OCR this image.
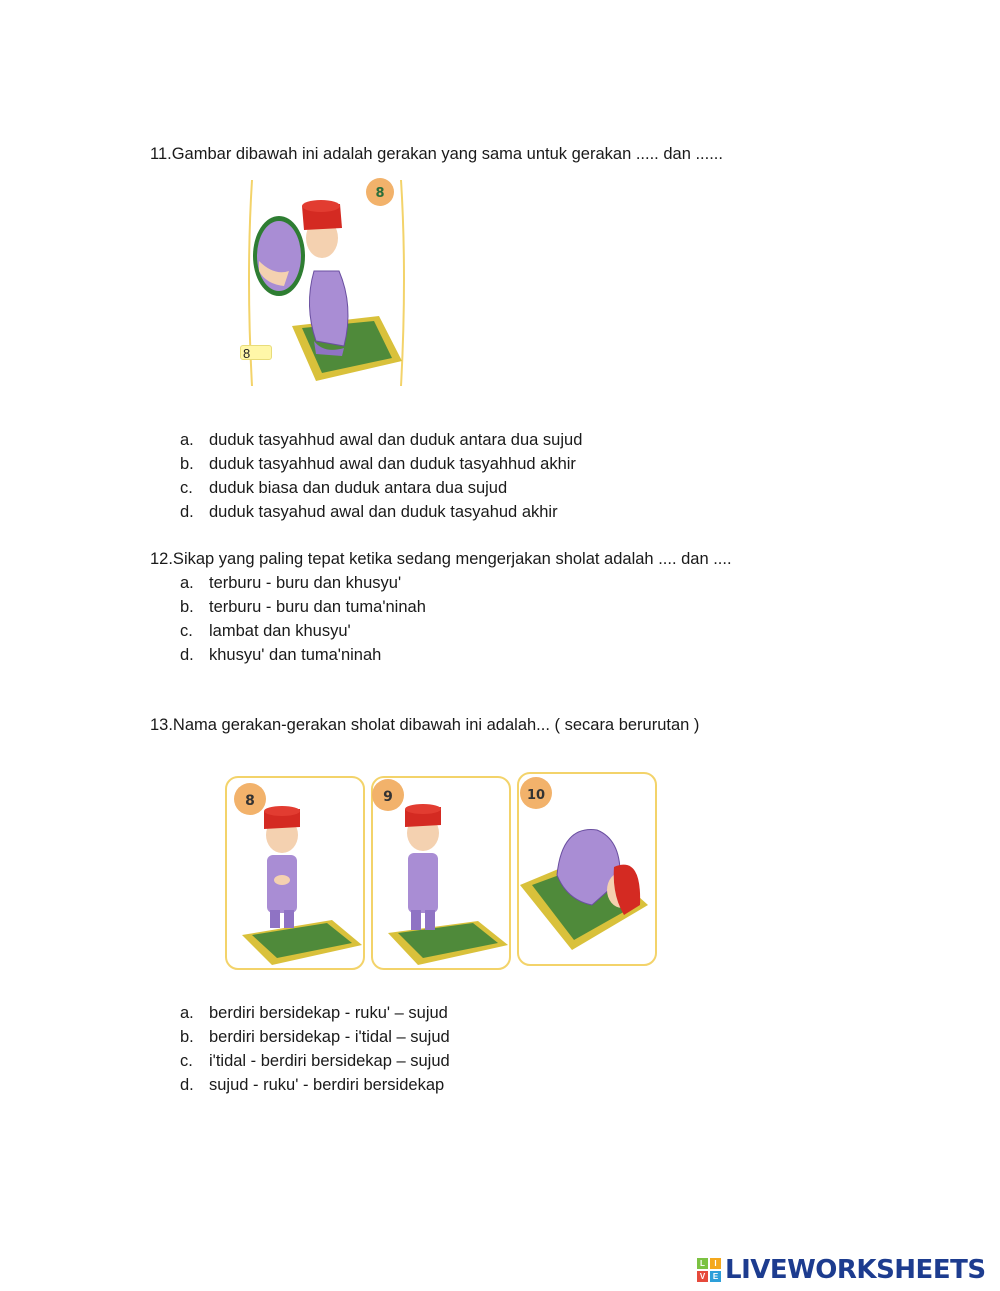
11.Gambar dibawah ini adalah gerakan yang sama untuk gerakan ..... dan ......
8
8
a. duduk tasyahhud awal dan duduk antara dua sujud
b. duduk tasyahhud awal dan duduk tasyahhud akhir
c. duduk biasa dan duduk antara dua sujud
d. duduk tasyahud awal dan duduk tasyahud akhir
12.Sikap yang paling tepat ketika sedang mengerjakan sholat adalah .... dan ....
a. terburu - buru dan khusyu'
b. terburu - buru dan tuma'ninah
c. lambat dan khusyu'
d. khusyu' dan tuma'ninah
13.Nama gerakan-gerakan sholat dibawah ini adalah... ( secara berurutan )
8	9	10
a. berdiri bersidekap - ruku' – sujud
b. berdiri bersidekap - i'tidal – sujud
c. i'tidal - berdiri bersidekap – sujud
d. sujud - ruku' - berdiri bersidekap
L	I
V E LIVEWORKSHEETS
